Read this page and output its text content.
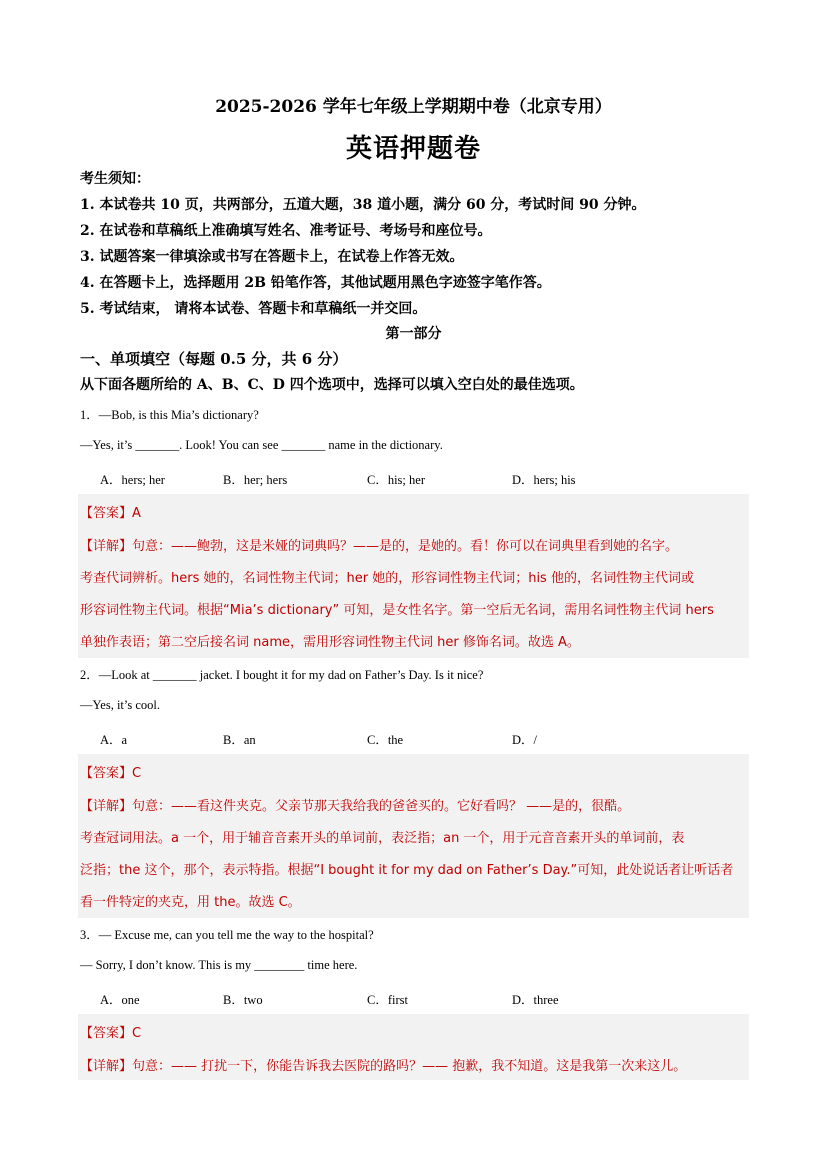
2025-2026 学年七年级上学期期中卷（北京专用）
英语押题卷
考生须知：
1. 本试卷共 10 页，共两部分，五道大题，38 道小题，满分 60 分，考试时间 90 分钟。
2. 在试卷和草稿纸上准确填写姓名、准考证号、考场号和座位号。
3. 试题答案一律填涂或书写在答题卡上，在试卷上作答无效。
4. 在答题卡上，选择题用 2B 铅笔作答，其他试题用黑色字迹签字笔作答。
5. 考试结束， 请将本试卷、答题卡和草稿纸一并交回。
第一部分
一、单项填空（每题 0.5 分，共 6 分）
从下面各题所给的 A、B、C、D 四个选项中，选择可以填入空白处的最佳选项。
1．—Bob, is this Mia’s dictionary?
—Yes, it’s _______. Look! You can see _______ name in the dictionary.
A．hers; her	B．her; hers	C．his; her	D．hers; his
【答案】A
【详解】句意：——鲍勃，这是米娅的词典吗？——是的，是她的。看！你可以在词典里看到她的名字。
考查代词辨析。hers 她的，名词性物主代词；her 她的，形容词性物主代词；his 他的，名词性物主代词或
形容词性物主代词。根据“Mia’s dictionary” 可知，是女性名字。第一空后无名词，需用名词性物主代词 hers
单独作表语；第二空后接名词 name，需用形容词性物主代词 her 修饰名词。故选 A。
2．—Look at _______ jacket. I bought it for my dad on Father’s Day. Is it nice?
—Yes, it’s cool.
A．a	B．an	C．the	D．/
【答案】C
【详解】句意：——看这件夹克。父亲节那天我给我的爸爸买的。它好看吗？ ——是的，很酷。
考查冠词用法。a 一个，用于辅音音素开头的单词前，表泛指；an 一个，用于元音音素开头的单词前，表
泛指；the 这个，那个，表示特指。根据“I bought it for my dad on Father’s Day.”可知，此处说话者让听话者
看一件特定的夹克，用 the。故选 C。
3．— Excuse me, can you tell me the way to the hospital?
— Sorry, I don’t know. This is my ________ time here.
A．one	B．two	C．first	D．three
【答案】C
【详解】句意：—— 打扰一下，你能告诉我去医院的路吗？—— 抱歉，我不知道。这是我第一次来这儿。
